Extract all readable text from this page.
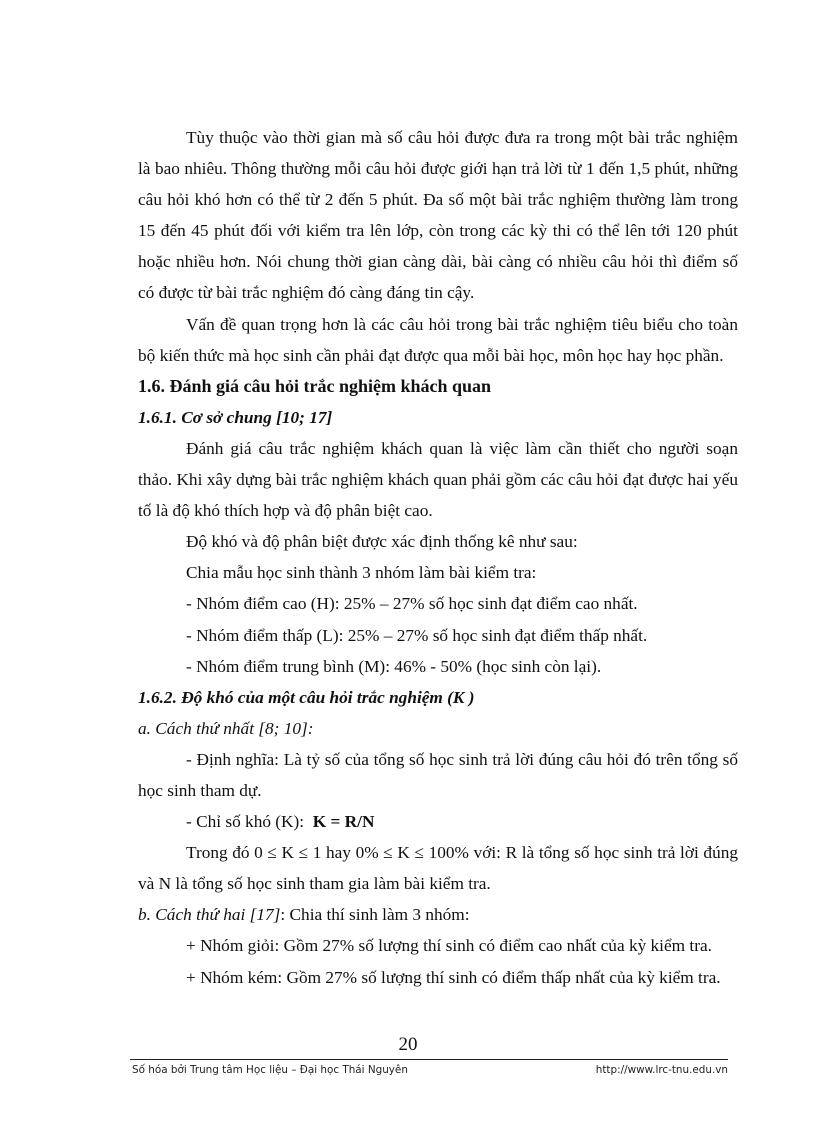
Tùy thuộc vào thời gian mà số câu hỏi được đưa ra trong một bài trắc nghiệm là bao nhiêu. Thông thường mỗi câu hỏi được giới hạn trả lời từ 1 đến 1,5 phút, những câu hỏi khó hơn có thể từ 2 đến 5 phút. Đa số một bài trắc nghiệm thường làm trong 15 đến 45 phút đối với kiểm tra lên lớp, còn trong các kỳ thi có thể lên tới 120 phút hoặc nhiều hơn. Nói chung thời gian càng dài, bài càng có nhiều câu hỏi thì điểm số có được từ bài trắc nghiệm đó càng đáng tin cậy.

Vấn đề quan trọng hơn là các câu hỏi trong bài trắc nghiệm tiêu biểu cho toàn bộ kiến thức mà học sinh cần phải đạt được qua mỗi bài học, môn học hay học phần.

1.6. Đánh giá câu hỏi trắc nghiệm khách quan

1.6.1. Cơ sở chung [10; 17]

Đánh giá câu trắc nghiệm khách quan là việc làm cần thiết cho người soạn thảo. Khi xây dựng bài trắc nghiệm khách quan phải gồm các câu hỏi đạt được hai yếu tố là độ khó thích hợp và độ phân biệt cao.

Độ khó và độ phân biệt được xác định thống kê như sau:

Chia mẫu học sinh thành 3 nhóm làm bài kiểm tra:

- Nhóm điểm cao (H): 25% – 27% số học sinh đạt điểm cao nhất.

- Nhóm điểm thấp (L): 25% – 27% số học sinh đạt điểm thấp nhất.

- Nhóm điểm trung bình (M): 46% - 50% (học sinh còn lại).

1.6.2. Độ khó của một câu hỏi trắc nghiệm (K )

a. Cách thứ nhất [8; 10]:

- Định nghĩa: Là tỷ số của tổng số học sinh trả lời đúng câu hỏi đó trên tổng số học sinh tham dự.

- Chỉ số khó (K):  K = R/N

Trong đó 0 ≤ K ≤ 1 hay 0% ≤ K ≤ 100% với: R là tổng số học sinh trả lời đúng và N là tổng số học sinh tham gia làm bài kiểm tra.

b. Cách thứ hai [17]: Chia thí sinh làm 3 nhóm:

+ Nhóm giỏi: Gồm 27% số lượng thí sinh có điểm cao nhất của kỳ kiểm tra.

+ Nhóm kém: Gồm 27% số lượng thí sinh có điểm thấp nhất của kỳ kiểm tra.

20
Số hóa bởi Trung tâm Học liệu – Đại học Thái Nguyên	http://www.lrc-tnu.edu.vn
